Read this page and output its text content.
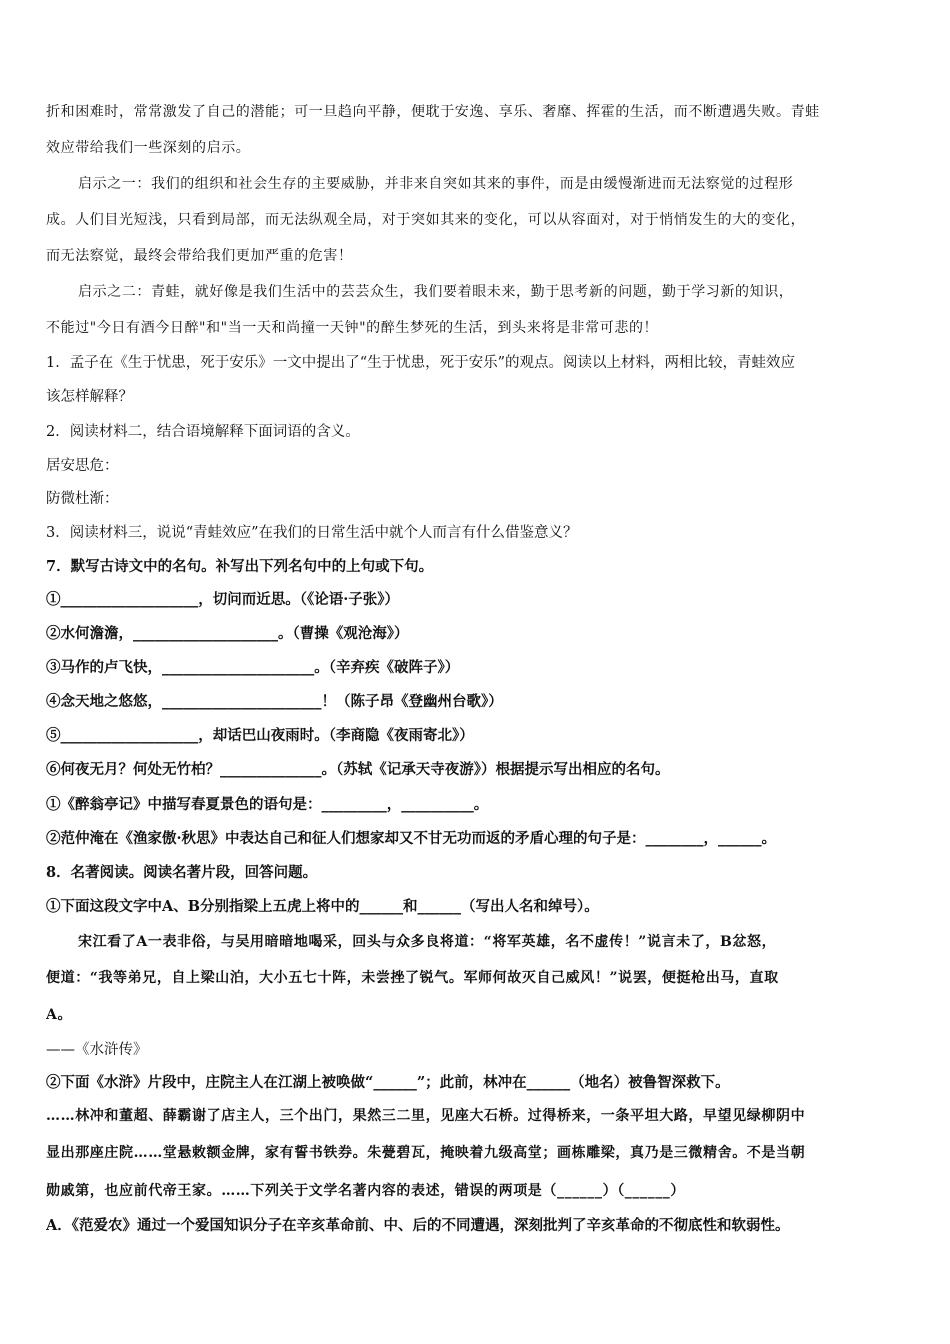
折和困难时，常常激发了自己的潜能；可一旦趋向平静，便耽于安逸、享乐、奢靡、挥霍的生活，而不断遭遇失败。青蛙
效应带给我们一些深刻的启示。
启示之一：我们的组织和社会生存的主要威胁，并非来自突如其来的事件，而是由缓慢渐进而无法察觉的过程形
成。人们目光短浅，只看到局部，而无法纵观全局，对于突如其来的变化，可以从容面对，对于悄悄发生的大的变化，
而无法察觉，最终会带给我们更加严重的危害！
启示之二：青蛙，就好像是我们生活中的芸芸众生，我们要着眼未来，勤于思考新的问题，勤于学习新的知识，
不能过"今日有酒今日醉"和"当一天和尚撞一天钟"的醉生梦死的生活，到头来将是非常可悲的！
1．孟子在《生于忧患，死于安乐》一文中提出了“生于忧患，死于安乐”的观点。阅读以上材料，两相比较，青蛙效应
该怎样解释？
2．阅读材料二，结合语境解释下面词语的含义。
居安思危：
防微杜渐：
3．阅读材料三，说说“青蛙效应”在我们的日常生活中就个人而言有什么借鉴意义？
7．默写古诗文中的名句。补写出下列名句中的上句或下句。
①___________________，切问而近思。（《论语·子张》）
②水何澹澹，____________________。（曹操《观沧海》）
③马作的卢飞快，_____________________。（辛弃疾《破阵子》）
④念天地之悠悠，______________________！（陈子昂《登幽州台歌》）
⑤___________________，却话巴山夜雨时。（李商隐《夜雨寄北》）
⑥何夜无月？何处无竹柏？______________。（苏轼《记承天寺夜游》）根据提示写出相应的名句。
①《醉翁亭记》中描写春夏景色的语句是：_________，__________。
②范仲淹在《渔家傲·秋思》中表达自己和征人们想家却又不甘无功而返的矛盾心理的句子是：________，______。
8．名著阅读。阅读名著片段，回答问题。
①下面这段文字中A、B分别指梁上五虎上将中的______和______（写出人名和绰号）。
宋江看了A一表非俗，与吴用暗暗地喝采，回头与众多良将道：“将军英雄，名不虚传！”说言未了，B忿怒，
便道：“我等弟兄，自上梁山泊，大小五七十阵，未尝挫了锐气。军师何故灭自己威风！”说罢，便挺枪出马，直取
A。
——《水浒传》
②下面《水浒》片段中，庄院主人在江湖上被唤做“______”；此前，林冲在______（地名）被鲁智深救下。
……林冲和董超、薛霸谢了店主人，三个出门，果然三二里，见座大石桥。过得桥来，一条平坦大路，早望见绿柳阴中
显出那座庄院……堂悬敕额金牌，家有誓书铁券。朱甍碧瓦，掩映着九级高堂；画栋雕梁，真乃是三微精舍。不是当朝
勋戚第，也应前代帝王家。……下列关于文学名著内容的表述，错误的两项是（______）（______）
A．《范爱农》通过一个爱国知识分子在辛亥革命前、中、后的不同遭遇，深刻批判了辛亥革命的不彻底性和软弱性。
